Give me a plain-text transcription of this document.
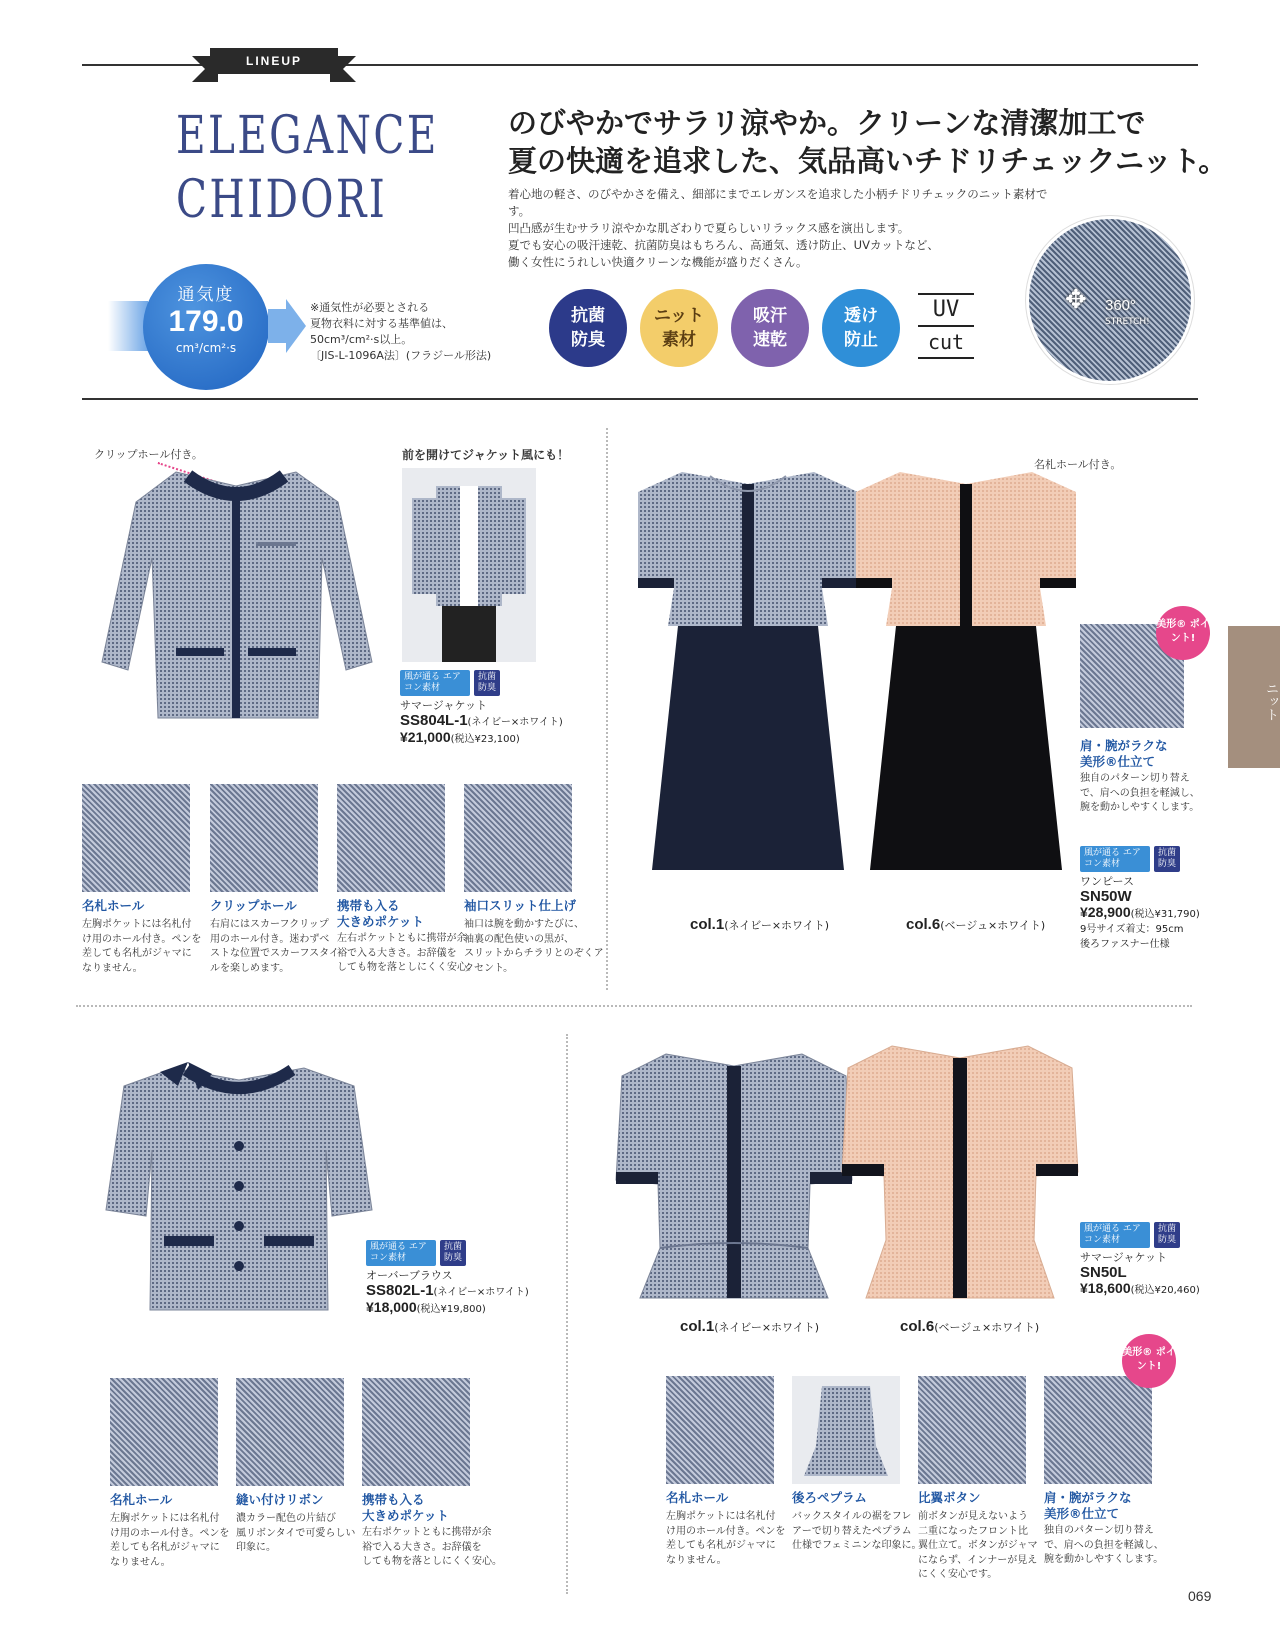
LINEUP
ELEGANCE
CHIDORI
通気度
179.0
cm³/cm²·s
※通気性が必要とされる
夏物衣料に対する基準値は、
50cm³/cm²·s以上。
〔JIS-L-1096A法〕(フラジール形法)
のびやかでサラリ涼やか。クリーンな清潔加工で
夏の快適を追求した、気品高いチドリチェックニット。
着心地の軽さ、のびやかさを備え、細部にまでエレガンスを追求した小柄チドリチェックのニット素材です。
凹凸感が生むサラリ涼やかな肌ざわりで夏らしいリラックス感を演出します。
夏でも安心の吸汗速乾、抗菌防臭はもちろん、高通気、透け防止、UVカットなど、
働く女性にうれしい快適クリーンな機能が盛りだくさん。
抗菌
防臭
ニット
素材
吸汗
速乾
透け
防止
UV
cut
✥	360°
STRETCH!
ニット
クリップホール付き。	前を開けてジャケット風にも！
風が通る エアコン素材
抗菌 防臭
サマージャケット
SS804L-1(ネイビー×ホワイト)
¥21,000(税込¥23,100)
名札ホール
左胸ポケットには名札付
け用のホール付き。ペンを
差しても名札がジャマに
なりません。
クリップホール
右肩にはスカーフクリップ
用のホール付き。迷わずべ
ストな位置でスカーフスタイ
ルを楽しめます。
携帯も入る
大きめポケット
左右ポケットともに携帯が余
裕で入る大きさ。お辞儀を
しても物を落としにくく安心。
袖口スリット仕上げ
袖口は腕を動かすたびに、
袖裏の配色使いの黒が、
スリットからチラリとのぞくア
クセント。
名札ホール付き。
col.1(ネイビー×ホワイト)	col.6(ベージュ×ホワイト)
美形® ポイント!
肩・腕がラクな
美形®仕立て
独自のパターン切り替え
で、肩への負担を軽減し、
腕を動かしやすくします。
風が通る エアコン素材
抗菌 防臭
ワンピース
SN50W
¥28,900(税込¥31,790)
9号サイズ着丈：95cm
後ろファスナー仕様
風が通る エアコン素材
抗菌 防臭
オーバーブラウス
SS802L-1(ネイビー×ホワイト)
¥18,000(税込¥19,800)
名札ホール
左胸ポケットには名札付
け用のホール付き。ペンを
差しても名札がジャマに
なりません。
縫い付けリボン
濃カラー配色の片結び
風リボンタイで可愛らしい
印象に。
携帯も入る
大きめポケット
左右ポケットともに携帯が余
裕で入る大きさ。お辞儀を
しても物を落としにくく安心。
col.1(ネイビー×ホワイト)	col.6(ベージュ×ホワイト)
風が通る エアコン素材
抗菌 防臭
サマージャケット
SN50L
¥18,600(税込¥20,460)
美形® ポイント!
名札ホール
左胸ポケットには名札付
け用のホール付き。ペンを
差しても名札がジャマに
なりません。
後ろペプラム
バックスタイルの裾をフレ
アーで切り替えたペプラム
仕様でフェミニンな印象に。
比翼ボタン
前ボタンが見えないよう
二重になったフロント比
翼仕立て。ボタンがジャマ
にならず、インナーが見え
にくく安心です。
肩・腕がラクな
美形®仕立て
独自のパターン切り替え
で、肩への負担を軽減し、
腕を動かしやすくします。
069
